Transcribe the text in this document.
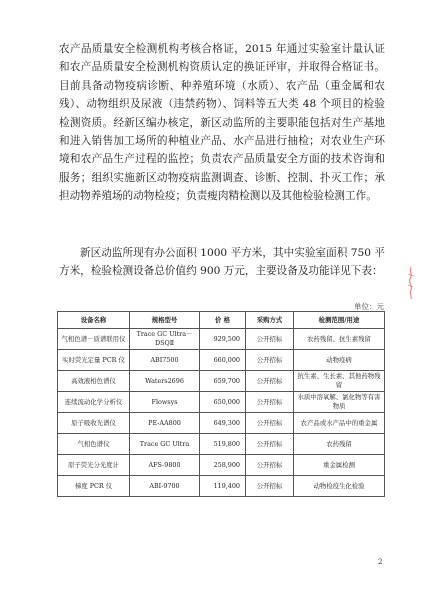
农产品质量安全检测机构考核合格证，2015 年通过实验室计量认证和农产品质量安全检测机构资质认定的换证评审，并取得合格证书。目前具备动物疫病诊断、种养殖环境（水质）、农产品（重金属和农残）、动物组织及尿液（违禁药物）、饲料等五大类 48 个项目的检验检测资质。经新区编办核定，新区动监所的主要职能包括对生产基地和进入销售加工场所的种植业产品、水产品进行抽检；对农业生产环境和农产品生产过程的监控；负责农产品质量安全方面的技术咨询和服务；组织实施新区动物疫病监测调查、诊断、控制、扑灭工作；承担动物养殖场的动物检疫；负责瘦肉精检测以及其他检验检测工作。

新区动监所现有办公面积 1000 平方米，其中实验室面积 750 平方米，检验检测设备总价值约 900 万元，主要设备及功能详见下表：

单位：元
设备名称	规格型号	价 格	采购方式	检测范围/用途
气相色谱－质谱联用仪	Trace GC Ultra－DSQⅡ	929,500	公开招标	农药残留、抗生素残留
实时荧光定量 PCR 仪	ABI7500	660,000	公开招标	动物疫病
高效液相色谱仪	Waters2696	659,700	公开招标	抗生素、生长素、其他药物残留
连续流动化学分析仪	Flowsys	650,000	公开招标	水质中溶氧解、氯化物等有害物质
原子吸收光谱仪	PE-AA800	649,300	公开招标	农产品或水产品中的重金属
气相色谱仪	Trace GC Ultra	519,800	公开招标	农药残留
原子荧光分光度计	AFS-9800	258,900	公开招标	重金属检测
梯度 PCR 仪	ABI-9700	119,400	公开招标	动物检疫生化检验
2
